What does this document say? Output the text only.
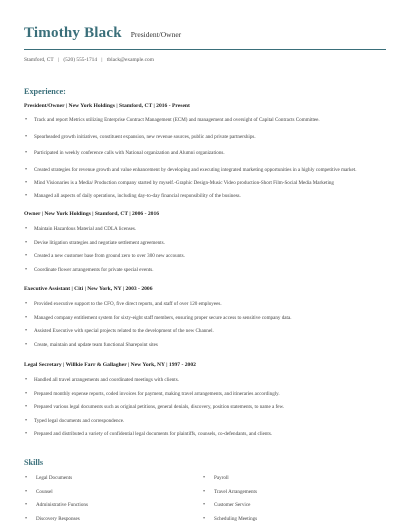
Timothy Black President/Owner
Stamford, CT | (520) 555-1714 | tblack@example.com
Experience:
President/Owner | New York Holdings | Stamford, CT | 2016 - Present
• Track and report Metrics utilizing Enterprise Contract Management (ECM) and management and oversight of Capital Contracts Committee.
• Spearheaded growth initiatives, constituent expansion, new revenue sources, public and private partnerships.
• Participated in weekly conference calls with National organization and Alumni organizations.
• Created strategies for revenue growth and value enhancement by developing and executing integrated marketing opportunities in a highly competitive market.
• Mind Visionaries is a Media/ Production company started by myself.-Graphic Design-Music Video production-Short Film-Social Media Marketing
• Managed all aspects of daily operations, including day-to-day financial responsibility of the business.
Owner | New York Holdings | Stamford, CT | 2006 - 2016
• Maintain Hazardous Material and CDLA licenses.
• Devise litigation strategies and negotiate settlement agreements.
• Created a new customer base from ground zero to over 300 new accounts.
• Coordinate flower arrangements for private special events.
Executive Assistant | Citi | New York, NY | 2003 - 2006
• Provided executive support to the CFO, five direct reports, and staff of over 120 employees.
• Managed company entitlement system for sixty-eight staff members, ensuring proper secure access to sensitive company data.
• Assisted Executive with special projects related to the development of the new Channel.
• Create, maintain and update team functional Sharepoint sites
Legal Secretary | Willkie Farr & Gallagher | New York, NY | 1997 - 2002
• Handled all travel arrangements and coordinated meetings with clients.
• Prepared monthly expense reports, coded invoices for payment, making travel arrangements, and itineraries accordingly.
• Prepared various legal documents such as original petitions, general denials, discovery, position statements, to name a few.
• Typed legal documents and correspondence.
• Prepared and distributed a variety of confidential legal documents for plaintiffs, counsels, co-defendants, and clients.
Skills
• Legal Documents
• Counsel
• Administrative Functions
• Discovery Responses
• Payroll
• Travel Arrangements
• Customer Service
• Scheduling Meetings
